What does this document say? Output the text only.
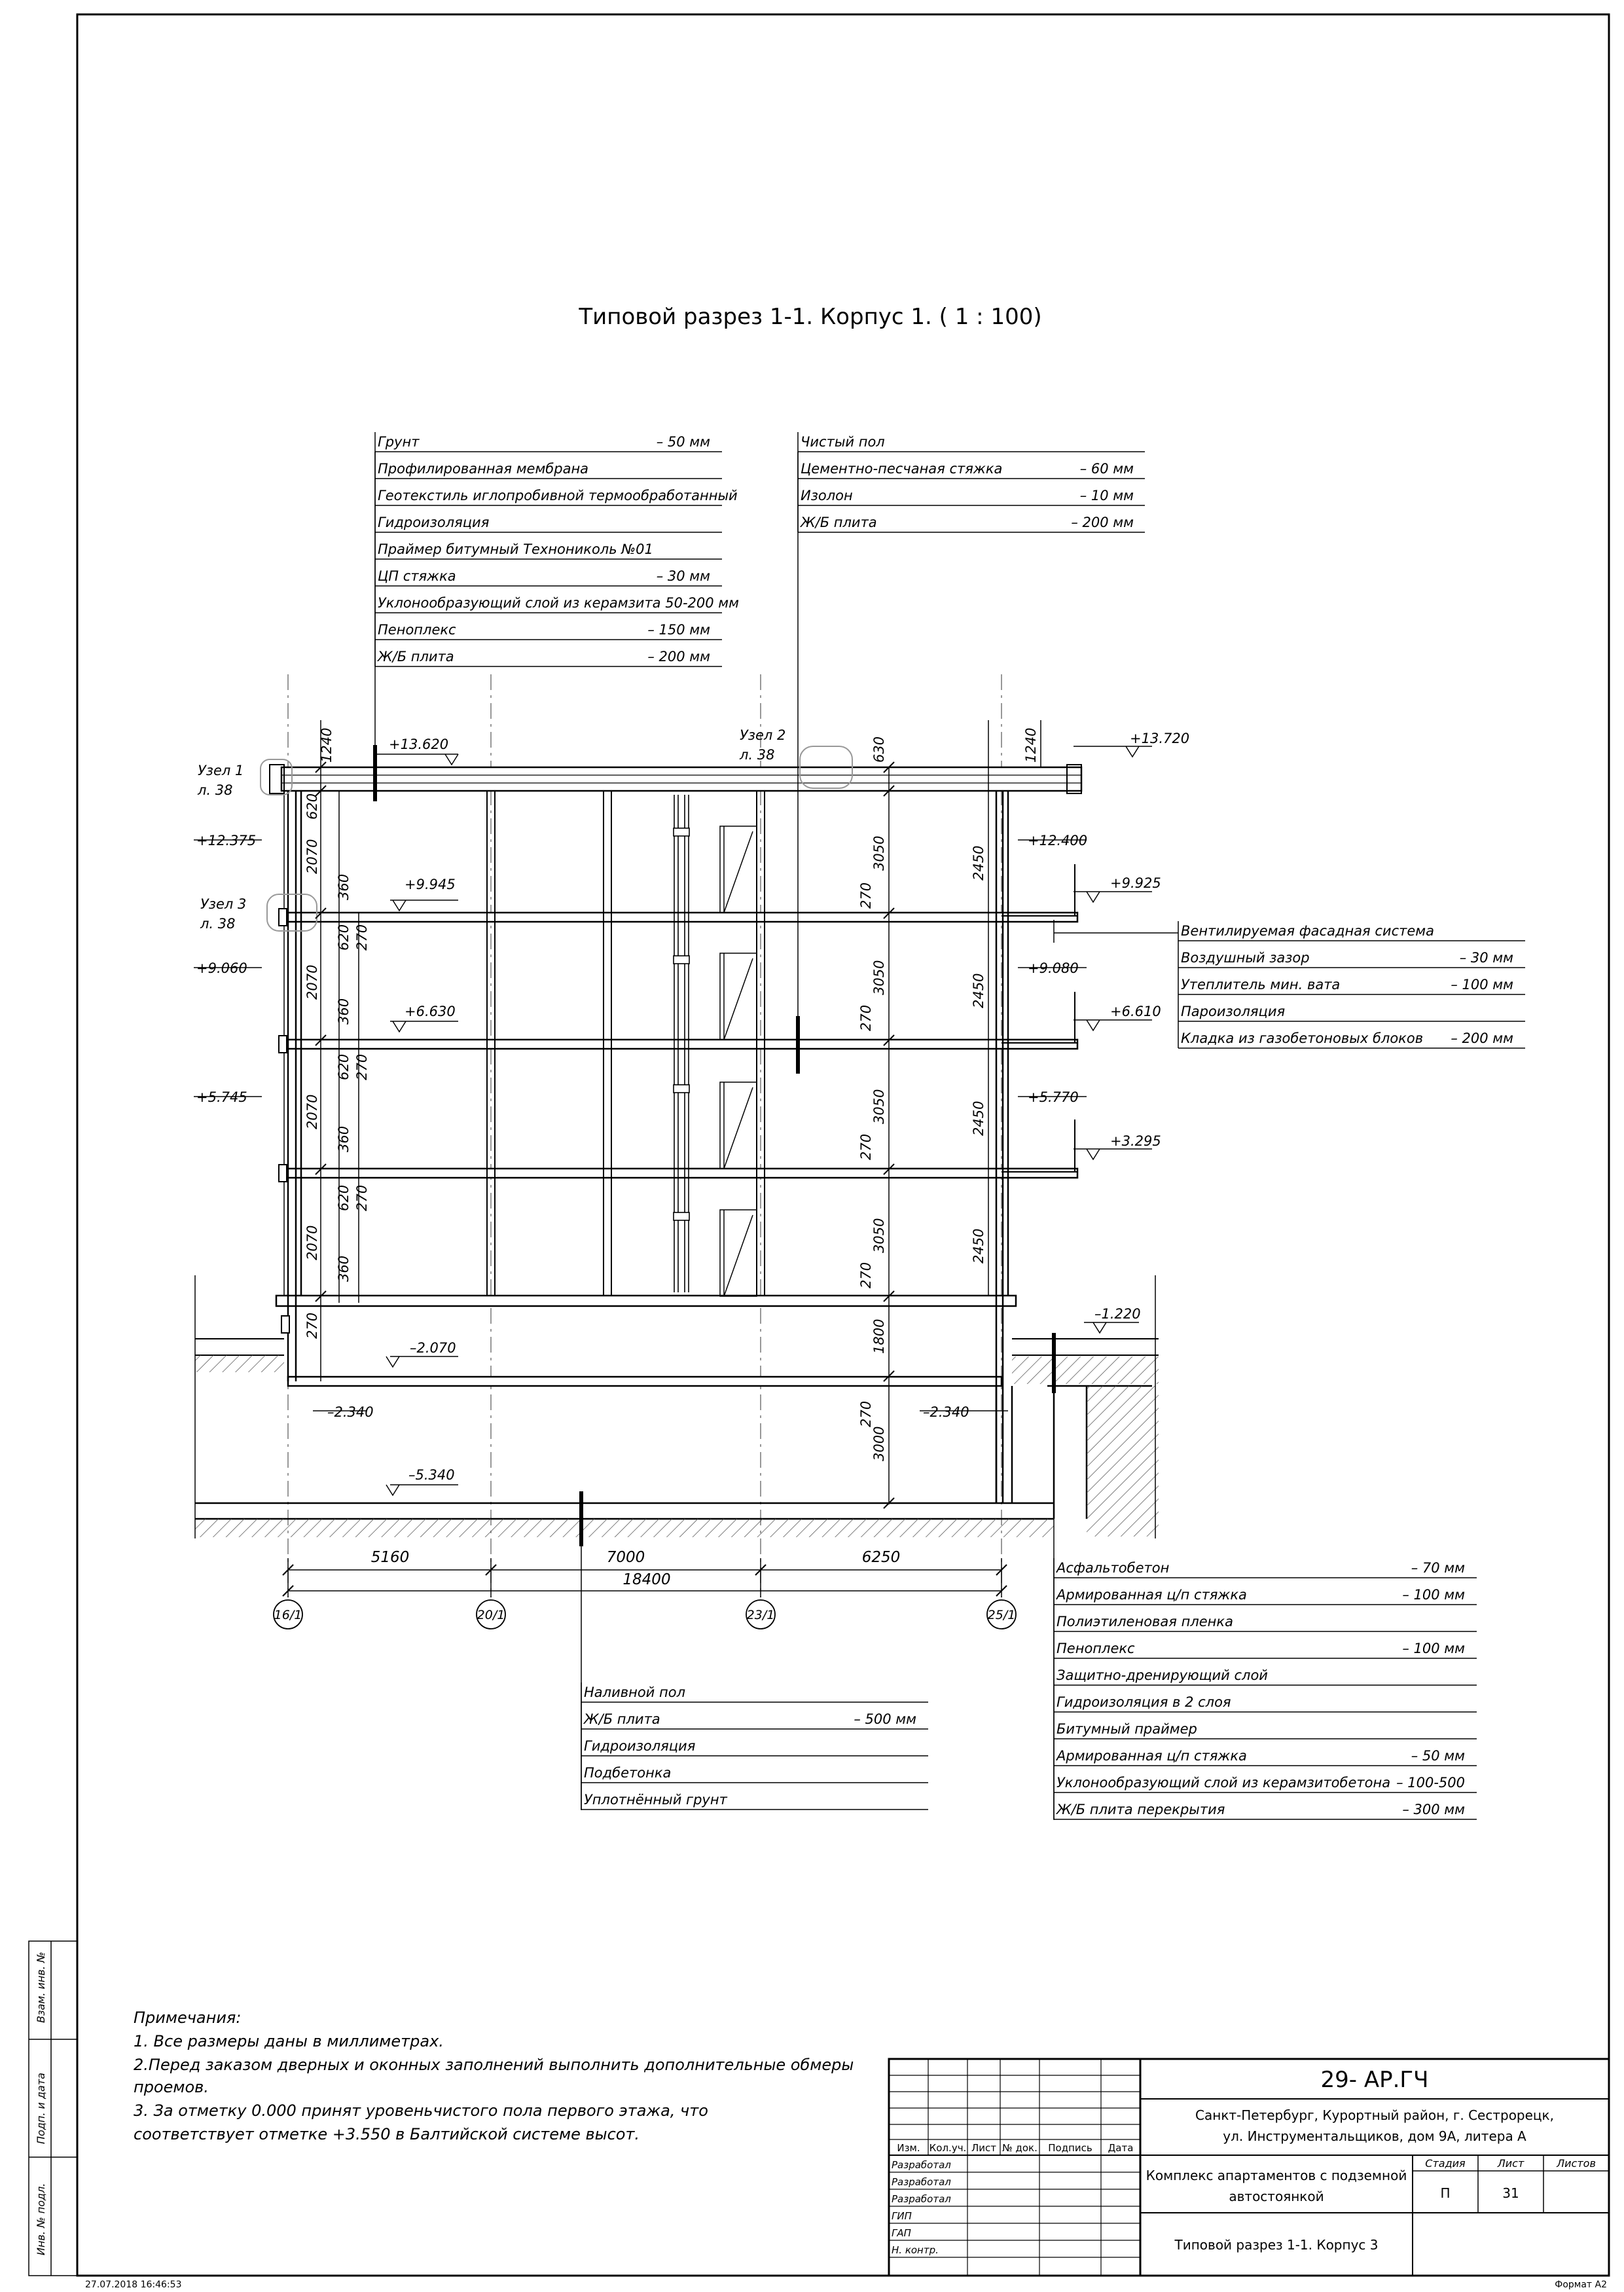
Взам. инв. №
Подп. и дата
Инв. № подл.
Типовой разрез 1-1. Корпус 1. ( 1 : 100)
Узел 1
л. 38
Узел 2
л. 38
Узел 3
л. 38
+13.620	+13.720
+12.400
+12.375
+9.945	+9.925
+9.080
+9.060
+6.630	+6.610
+5.770
+5.745
+3.295
–1.220
–2.070
–2.340	–2.340
–5.340
1240	1240
630
620
2070
360	270
3050	2450
1800
3000
2070
620 270
360	270
3050	2450
2070
620 270
360	270
3050	2450
2070
620 270
360	270
3050	2450
270
270
5160	7000	6250
18400
16/1	20/1	23/1	25/1
Грунт	– 50 мм
Профилированная мембрана
Геотекстиль иглопробивной термообработанный
Гидроизоляция
Праймер битумный Технониколь №01
ЦП стяжка	– 30 мм
Уклонообразующий слой из керамзита 50-200 мм
Пеноплекс	– 150 мм
Ж/Б плита	– 200 мм
Чистый пол
Цементно-песчаная стяжка	– 60 мм
Изолон	– 10 мм
Ж/Б плита	– 200 мм
Вентилируемая фасадная система
Воздушный зазор	– 30 мм
Утеплитель мин. вата	– 100 мм
Пароизоляция
Кладка из газобетоновых блоков – 200 мм
Наливной пол
Ж/Б плита	– 500 мм
Гидроизоляция
Подбетонка
Уплотнённый грунт
Асфальтобетон	– 70 мм
Армированная ц/п стяжка	– 100 мм
Полиэтиленовая пленка
Пеноплекс	– 100 мм
Защитно-дренирующий слой
Гидроизоляция в 2 слоя
Битумный праймер
Армированная ц/п стяжка	– 50 мм
Уклонообразующий слой из керамзитобетона – 100-500
Ж/Б плита перекрытия	– 300 мм
Примечания:
1. Все размеры даны в миллиметрах.
2.Перед заказом дверных и оконных заполнений выполнить дополнительные обмеры
проемов.
3. За отметку 0.000 принят уровеньчистого пола первого этажа, что
соответствует отметке +3.550 в Балтийской системе высот.
Изм. Кол.уч. Лист № док. Подпись Дата
Разработал
Разработал
Разработал
ГИП
ГАП
Н. контр.
29- АР.ГЧ
Санкт-Петербург, Курортный район, г. Сестрорецк,
ул. Инструментальщиков, дом 9А, литера А
Комплекс апартаментов с подземной
автостоянкой
Типовой разрез 1-1. Корпус 3
Стадия	Лист	Листов
П	31
27.07.2018 16:46:53	Формат А2
